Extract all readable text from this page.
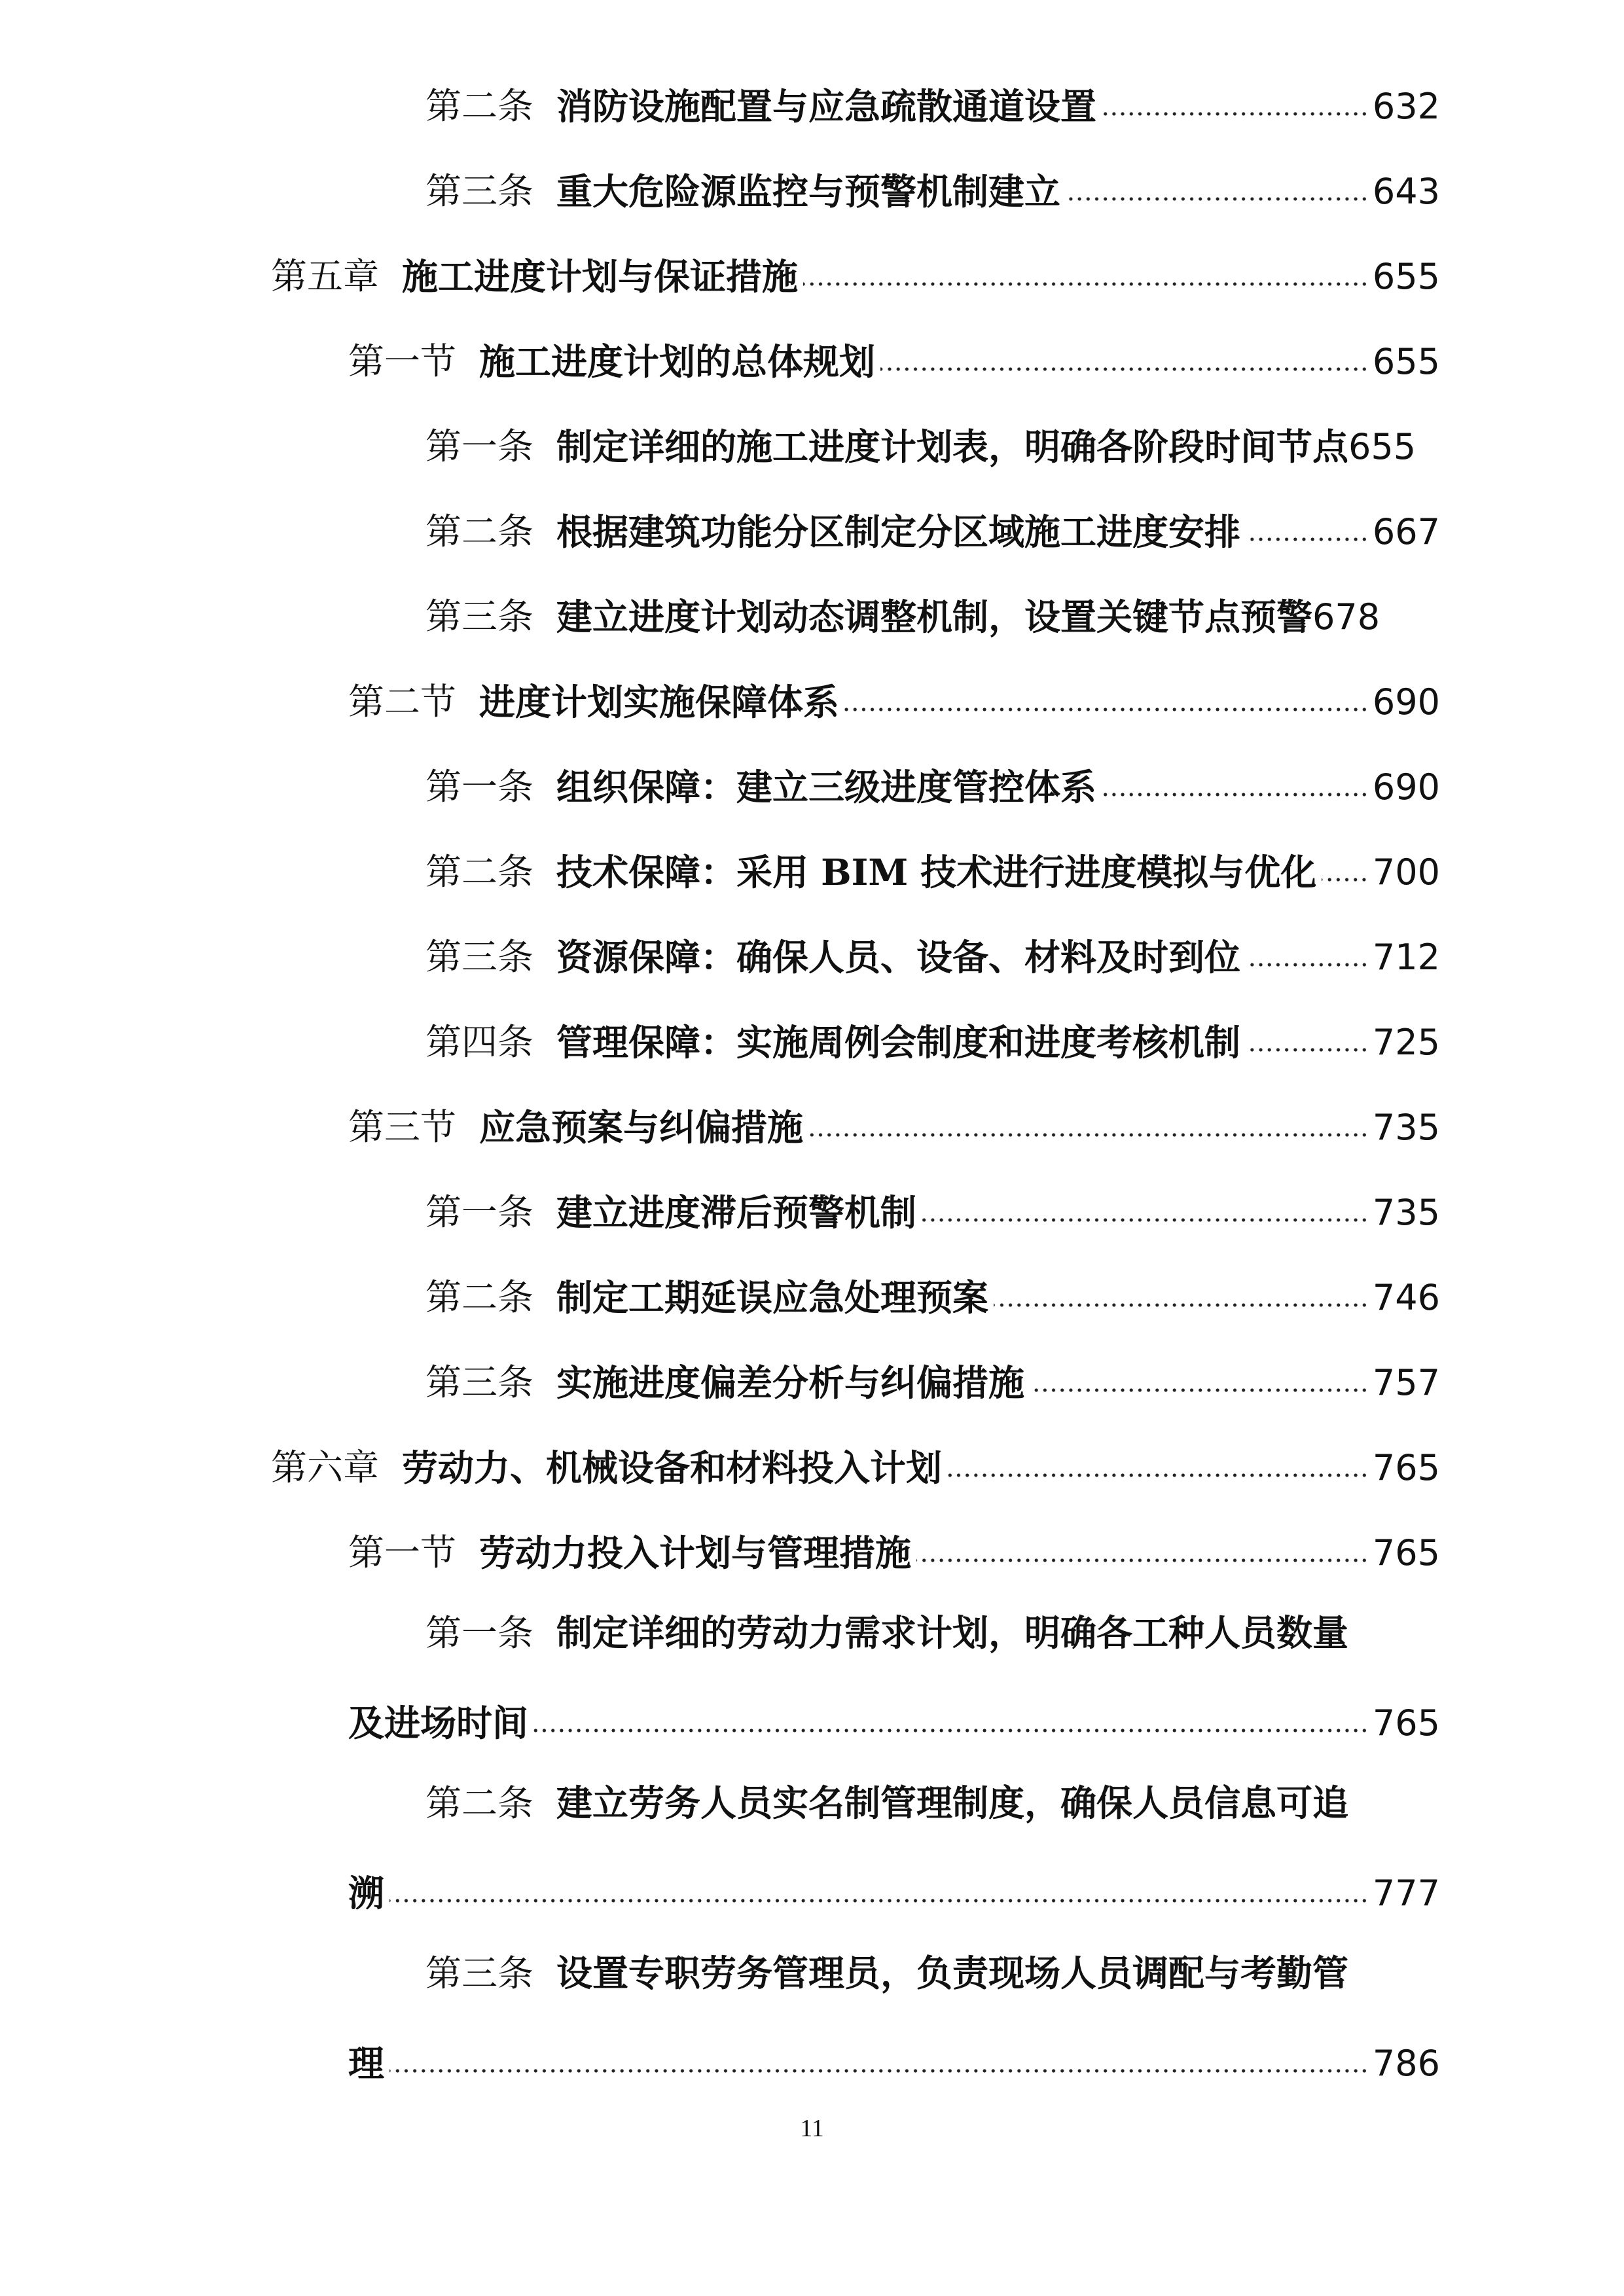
第二条 消防设施配置与应急疏散通道设置	632
第三条 重大危险源监控与预警机制建立	643
第五章 施工进度计划与保证措施	655
第一节 施工进度计划的总体规划	655
第一条 制定详细的施工进度计划表，明确各阶段时间节点 655
第二条 根据建筑功能分区制定分区域施工进度安排	667
第三条 建立进度计划动态调整机制，设置关键节点预警 678
第二节 进度计划实施保障体系	690
第一条 组织保障：建立三级进度管控体系	690
第二条 技术保障：采用 BIM 技术进行进度模拟与优化 700
第三条 资源保障：确保人员、设备、材料及时到位	712
第四条 管理保障：实施周例会制度和进度考核机制	725
第三节 应急预案与纠偏措施	735
第一条 建立进度滞后预警机制	735
第二条 制定工期延误应急处理预案	746
第三条 实施进度偏差分析与纠偏措施	757
第六章 劳动力、机械设备和材料投入计划	765
第一节 劳动力投入计划与管理措施	765
第一条 制定详细的劳动力需求计划，明确各工种人员数量
及进场时间	765
第二条 建立劳务人员实名制管理制度，确保人员信息可追
溯	777
第三条 设置专职劳务管理员，负责现场人员调配与考勤管
理	786
11
